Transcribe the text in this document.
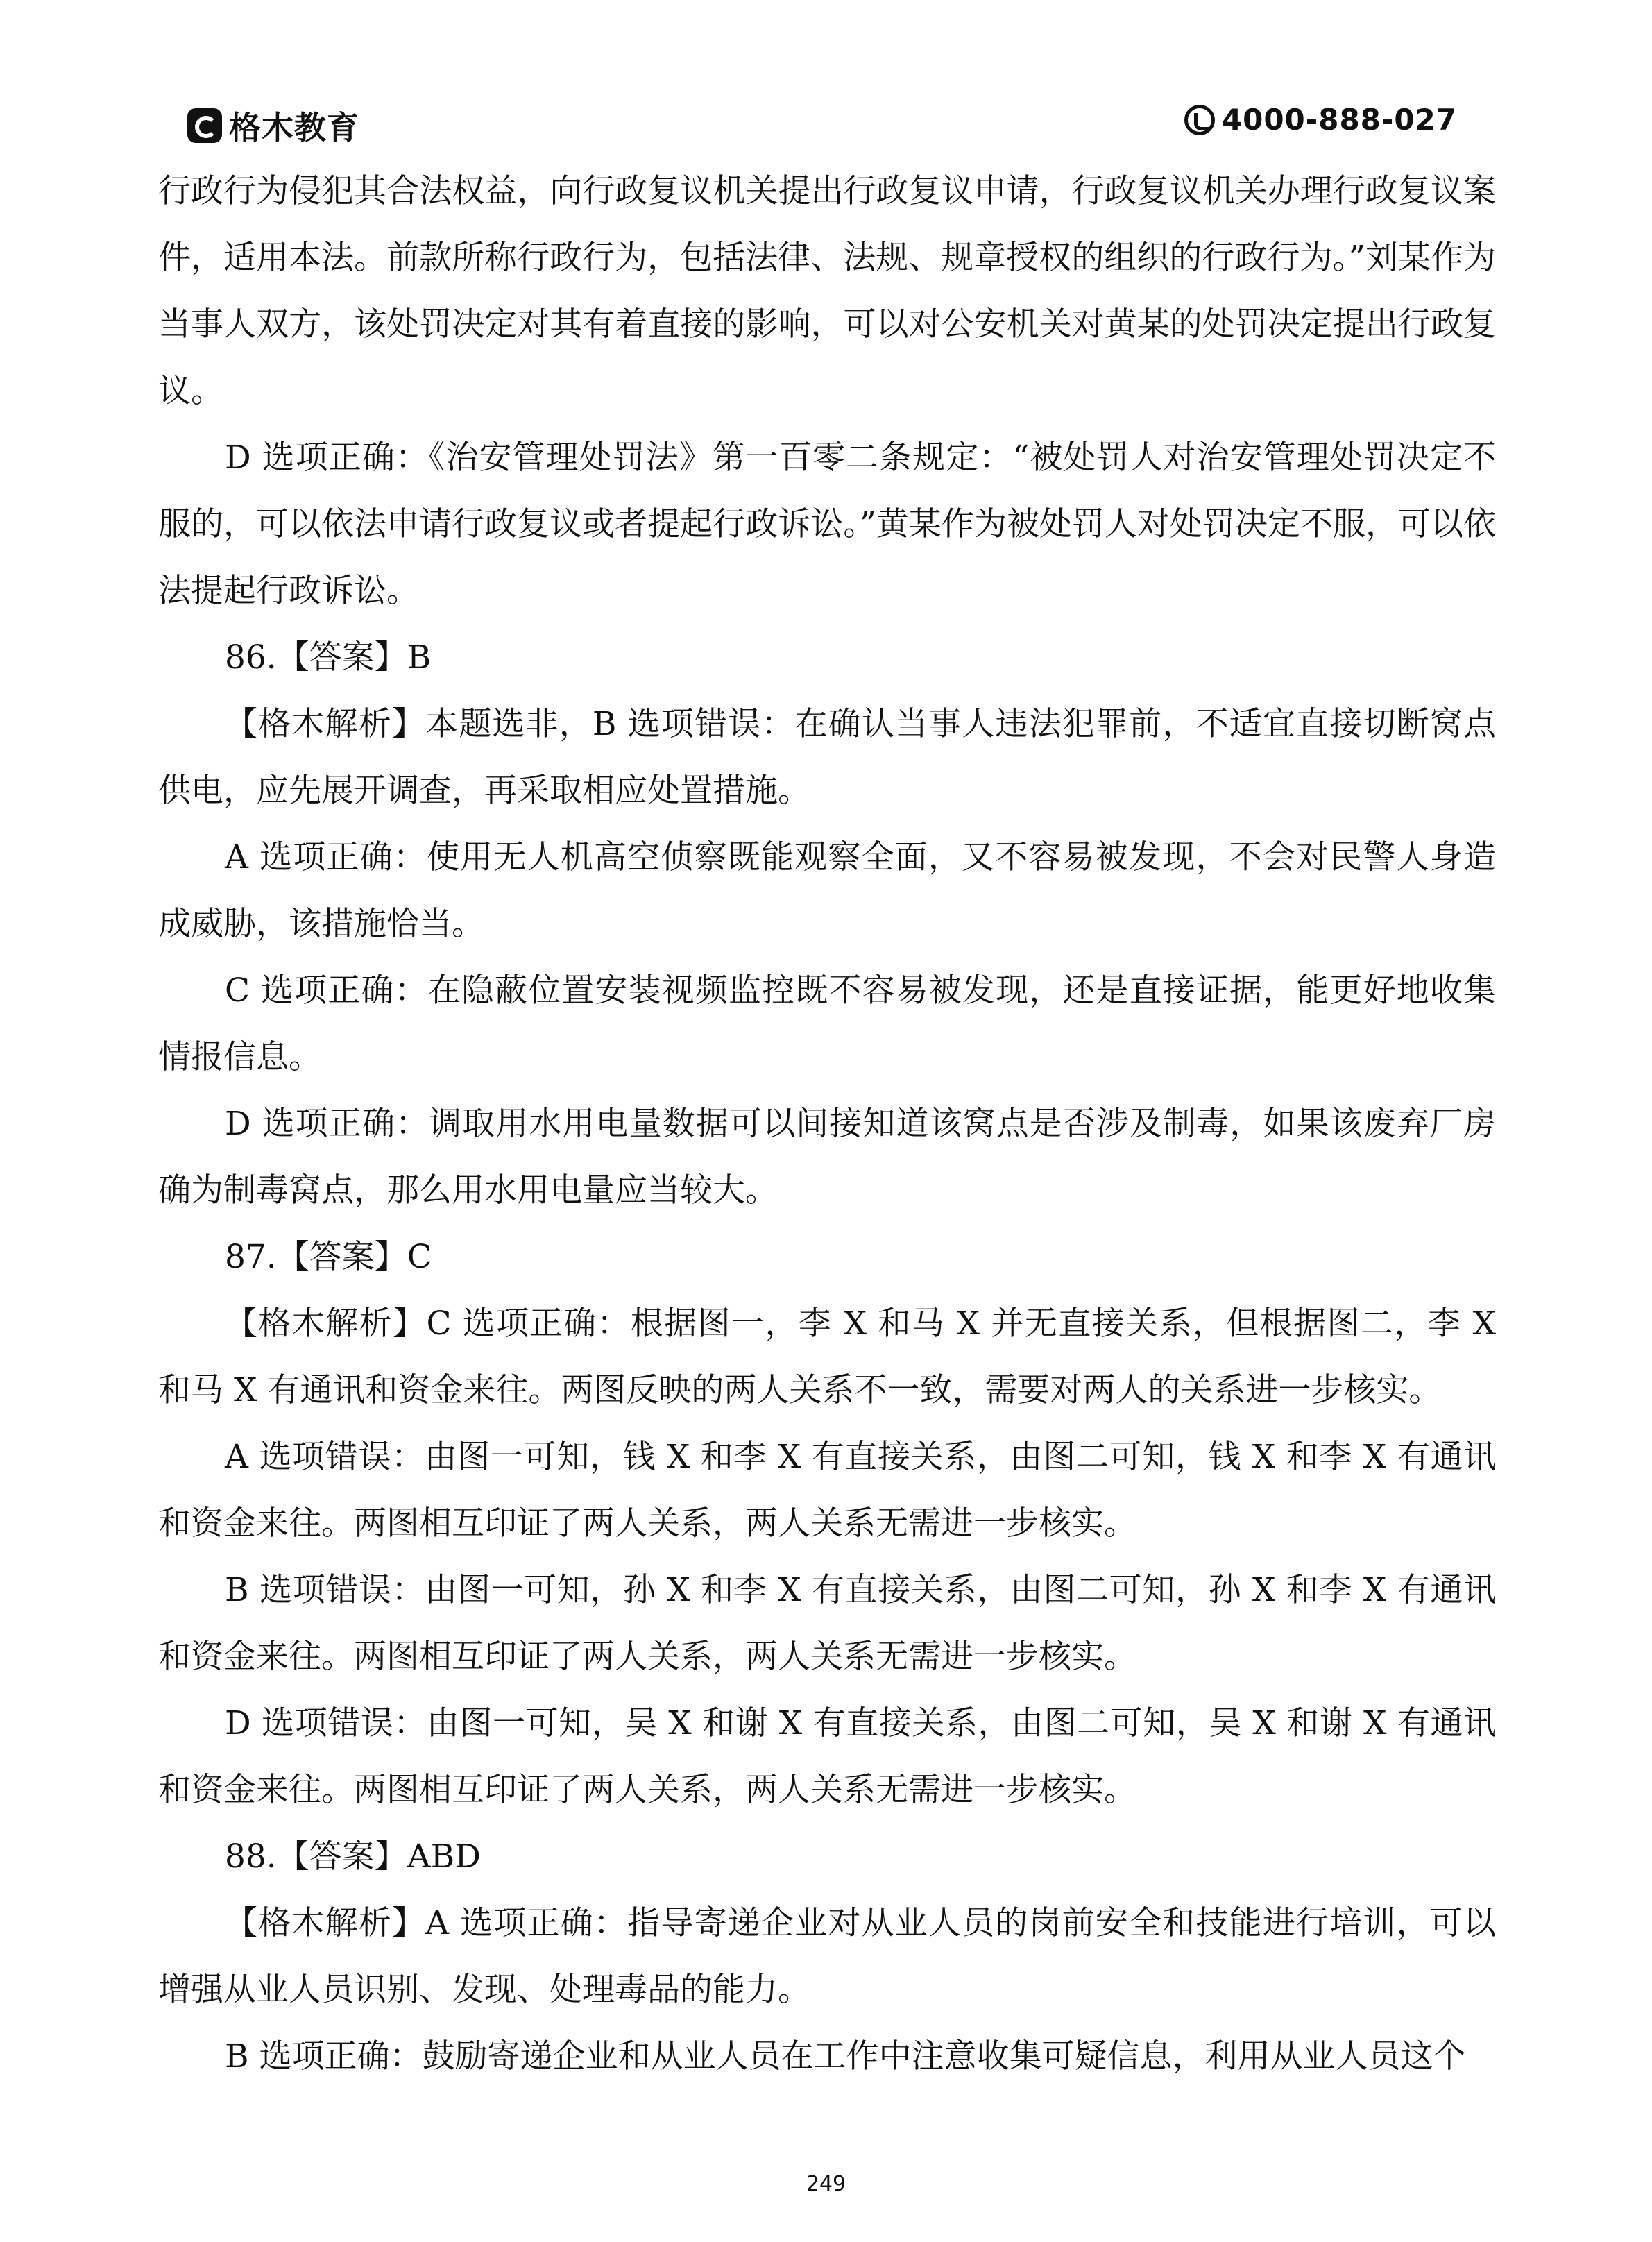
格木教育	4000-888-027

行政行为侵犯其合法权益，向行政复议机关提出行政复议申请，行政复议机关办理行政复议案件，适用本法。前款所称行政行为，包括法律、法规、规章授权的组织的行政行为。”刘某作为当事人双方，该处罚决定对其有着直接的影响，可以对公安机关对黄某的处罚决定提出行政复议。

D 选项正确：《治安管理处罚法》第一百零二条规定：“被处罚人对治安管理处罚决定不服的，可以依法申请行政复议或者提起行政诉讼。”黄某作为被处罚人对处罚决定不服，可以依法提起行政诉讼。

86.【答案】B

【格木解析】本题选非，B 选项错误：在确认当事人违法犯罪前，不适宜直接切断窝点供电，应先展开调查，再采取相应处置措施。

A 选项正确：使用无人机高空侦察既能观察全面，又不容易被发现，不会对民警人身造成威胁，该措施恰当。

C 选项正确：在隐蔽位置安装视频监控既不容易被发现，还是直接证据，能更好地收集情报信息。

D 选项正确：调取用水用电量数据可以间接知道该窝点是否涉及制毒，如果该废弃厂房确为制毒窝点，那么用水用电量应当较大。

87.【答案】C

【格木解析】C 选项正确：根据图一，李 X 和马 X 并无直接关系，但根据图二，李 X 和马 X 有通讯和资金来往。两图反映的两人关系不一致，需要对两人的关系进一步核实。

A 选项错误：由图一可知，钱 X 和李 X 有直接关系，由图二可知，钱 X 和李 X 有通讯和资金来往。两图相互印证了两人关系，两人关系无需进一步核实。

B 选项错误：由图一可知，孙 X 和李 X 有直接关系，由图二可知，孙 X 和李 X 有通讯和资金来往。两图相互印证了两人关系，两人关系无需进一步核实。

D 选项错误：由图一可知，吴 X 和谢 X 有直接关系，由图二可知，吴 X 和谢 X 有通讯和资金来往。两图相互印证了两人关系，两人关系无需进一步核实。

88.【答案】ABD

【格木解析】A 选项正确：指导寄递企业对从业人员的岗前安全和技能进行培训，可以增强从业人员识别、发现、处理毒品的能力。

B 选项正确：鼓励寄递企业和从业人员在工作中注意收集可疑信息，利用从业人员这个

249
